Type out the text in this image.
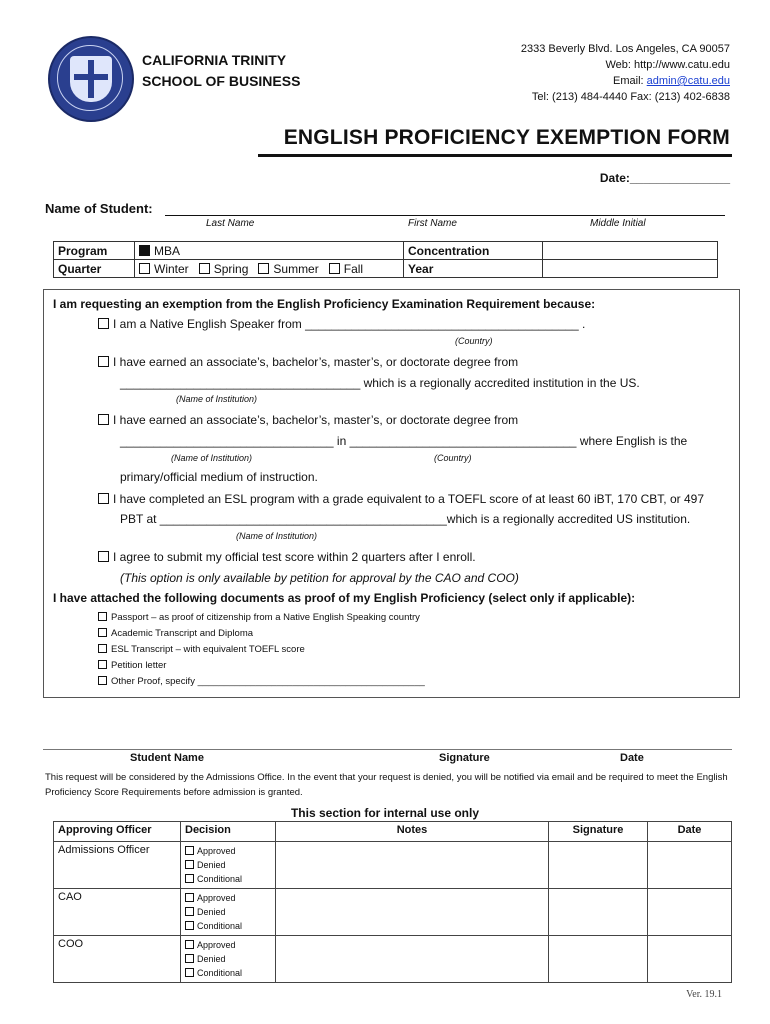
CALIFORNIA TRINITY
SCHOOL OF BUSINESS
2333 Beverly Blvd. Los Angeles, CA 90057
Web: http://www.catu.edu
Email: admin@catu.edu
Tel: (213) 484-4440 Fax: (213) 402-6838
ENGLISH PROFICIENCY EXEMPTION FORM
Date:_______________
Name of Student:
Last Name	First Name	Middle Initial
Program	MBA	Concentration	
Quarter	Winter Spring Summer Fall	Year	
I am requesting an exemption from the English Proficiency Examination Requirement because:
I am a Native English Speaker from _________________________________________ .
(Country)
I have earned an associate’s, bachelor’s, master’s, or doctorate degree from
____________________________________ which is a regionally accredited institution in the US.
(Name of Institution)
I have earned an associate’s, bachelor’s, master’s, or doctorate degree from
________________________________ in __________________________________ where English is the
(Name of Institution)	(Country)
primary/official medium of instruction.
I have completed an ESL program with a grade equivalent to a TOEFL score of at least 60 iBT, 170 CBT, or 497
PBT at ___________________________________________which is a regionally accredited US institution.
(Name of Institution)
I agree to submit my official test score within 2 quarters after I enroll.
(This option is only available by petition for approval by the CAO and COO)
I have attached the following documents as proof of my English Proficiency (select only if applicable):
Passport – as proof of citizenship from a Native English Speaking country
Academic Transcript and Diploma
ESL Transcript – with equivalent TOEFL score
Petition letter
Other Proof, specify ___________________________________________
Student Name	Signature	Date
This request will be considered by the Admissions Office. In the event that your request is denied, you will be notified via email and be required to meet the English Proficiency Score Requirements before admission is granted.
This section for internal use only
Approving Officer	Decision	Notes	Signature	Date
Admissions Officer	Approved
Denied
Conditional			

CAO	Approved
Denied
Conditional			

COO	Approved
Denied
Conditional			

Ver. 19.1
